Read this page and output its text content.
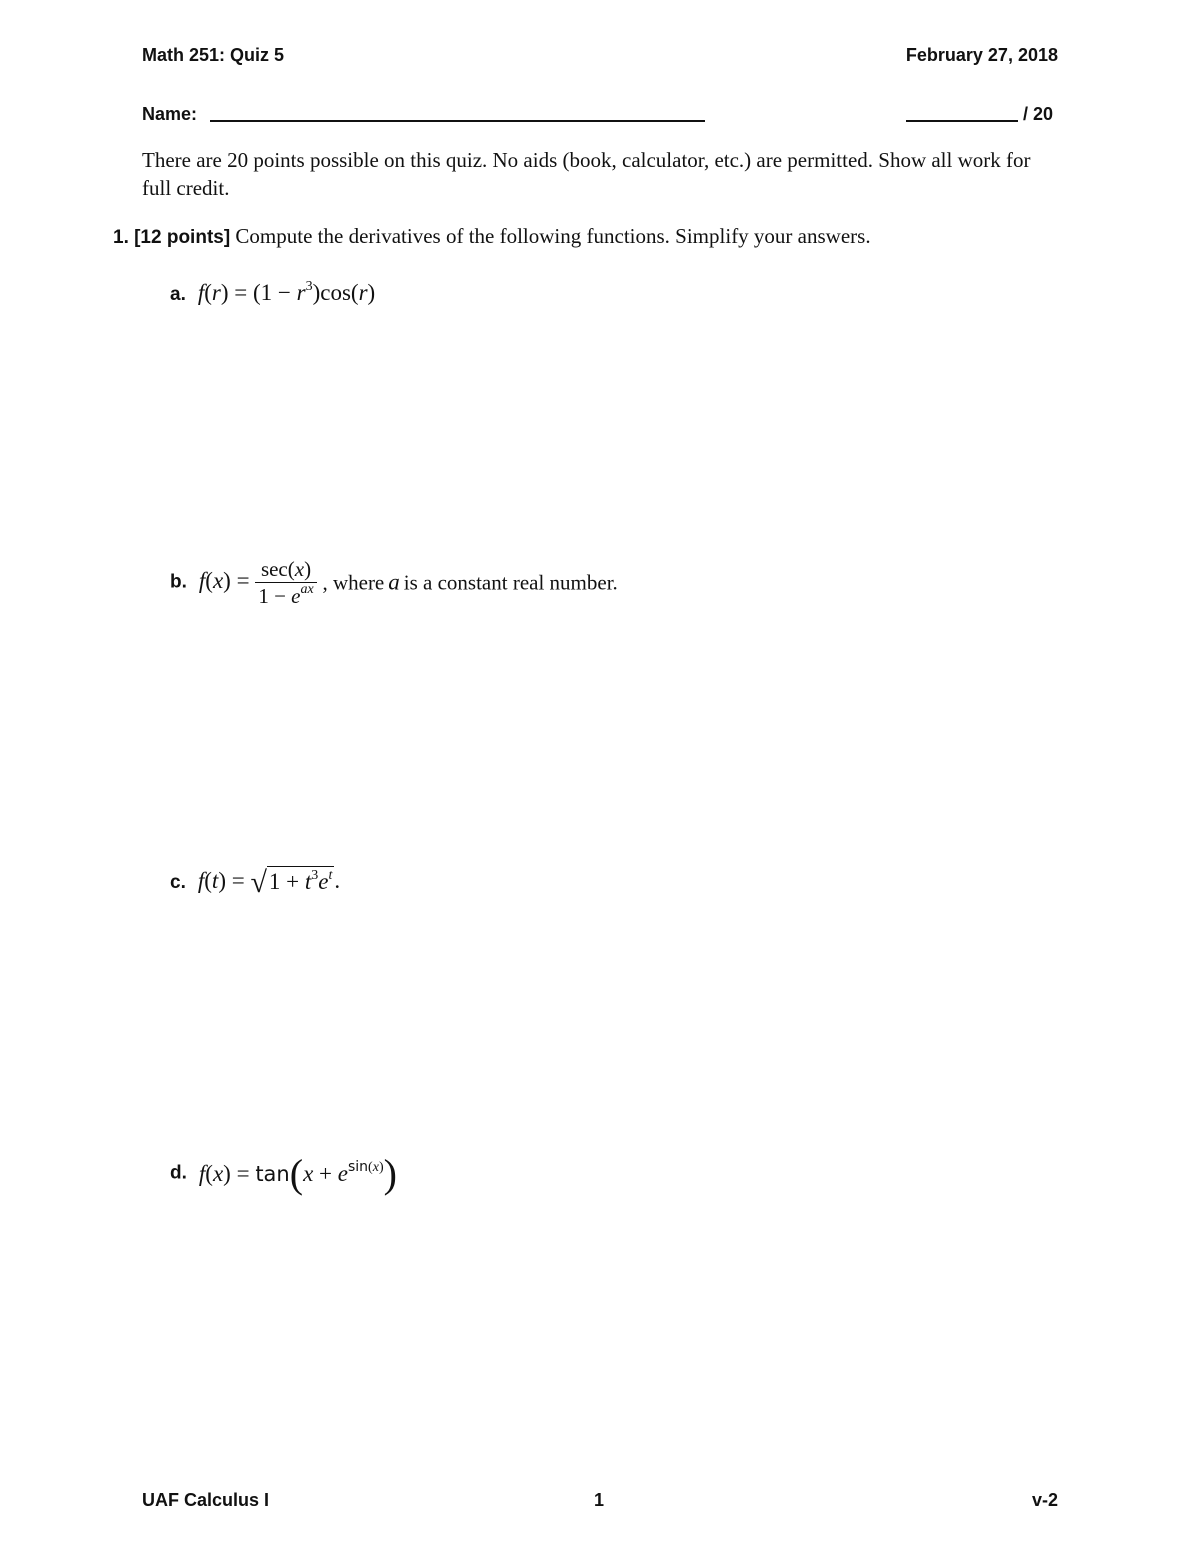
Math 251: Quiz 5	February 27, 2018
Name:	/ 20
There are 20 points possible on this quiz. No aids (book, calculator, etc.) are permitted. Show all work for full credit.
1. [12 points] Compute the derivatives of the following functions. Simplify your answers.
a. $f(r) = (1 - r^3)\cos(r)$
b. $f(x) = \frac{\sec(x)}{1 - e^{ax}}$ , where a is a constant real number.
c. $f(t) = √1 + t^3e^t$.
d. $f(x) = \tan(x + e^{sin(x)})$
UAF Calculus I	1	v-2
